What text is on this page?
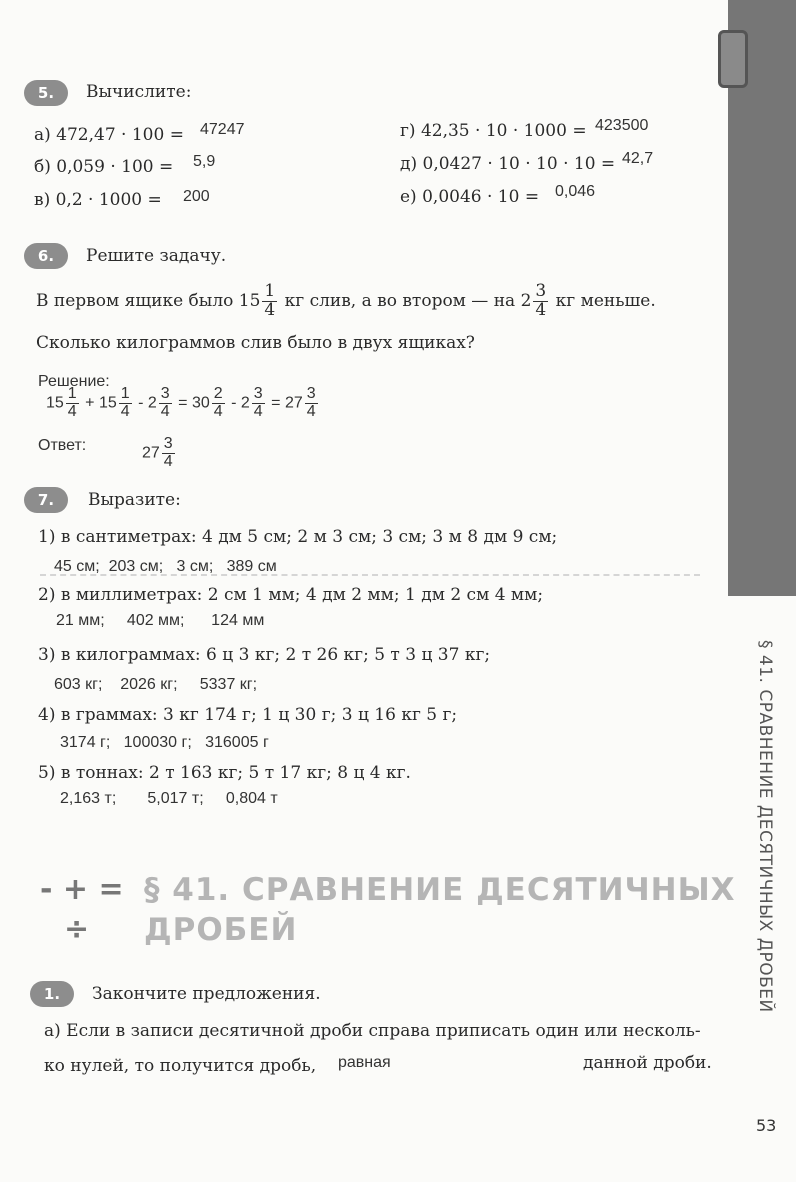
§ 41. СРАВНЕНИЕ ДЕСЯТИЧНЫХ ДРОБЕЙ
5.	Вычислите:
а) 472,47 · 100 = 47247
б) 0,059 · 100 = 5,9
в) 0,2 · 1000 = 200
г) 42,35 · 10 · 1000 = 423500
д) 0,0427 · 10 · 10 · 10 = 42,7
е) 0,0046 · 10 = 0,046
6.	Решите задачу.
В первом ящике было $15 \frac{1}{4}$ кг слив, а во втором — на $2 \frac{3}{4}$ кг меньше.
Сколько килограммов слив было в двух ящиках?
Решение:
$15 \frac{1}{4} + 15 \frac{1}{4} - 2 \frac{3}{4} = 30 \frac{2}{4} - 2 \frac{3}{4} = 27 \frac{3}{4}$
Ответ:	$27 \frac{3}{4}$
7.	Выразите:
1) в сантиметрах: 4 дм 5 см; 2 м 3 см; 3 см; 3 м 8 дм 9 см;
45 см;  203 см;   3 см;   389 см
2) в миллиметрах: 2 см 1 мм; 4 дм 2 мм; 1 дм 2 см 4 мм;
21 мм;     402 мм;      124 мм
3) в килограммах: 6 ц 3 кг; 2 т 26 кг; 5 т 3 ц 37 кг;
603 кг;    2026 кг;     5337 кг;
4) в граммах: 3 кг 174 г; 1 ц 30 г; 3 ц 16 кг 5 г;
3174 г;   100030 г;   316005 г
5) в тоннах: 2 т 163 кг; 5 т 17 кг; 8 ц 4 кг.
2,163 т;       5,017 т;     0,804 т
- + =
÷
§ 41. СРАВНЕНИЕ ДЕСЯТИЧНЫХ
ДРОБЕЙ
1.	Закончите предложения.
а) Если в записи десятичной дроби справа приписать один или несколь-
ко нулей, то получится дробь, равная	данной дроби.
53
